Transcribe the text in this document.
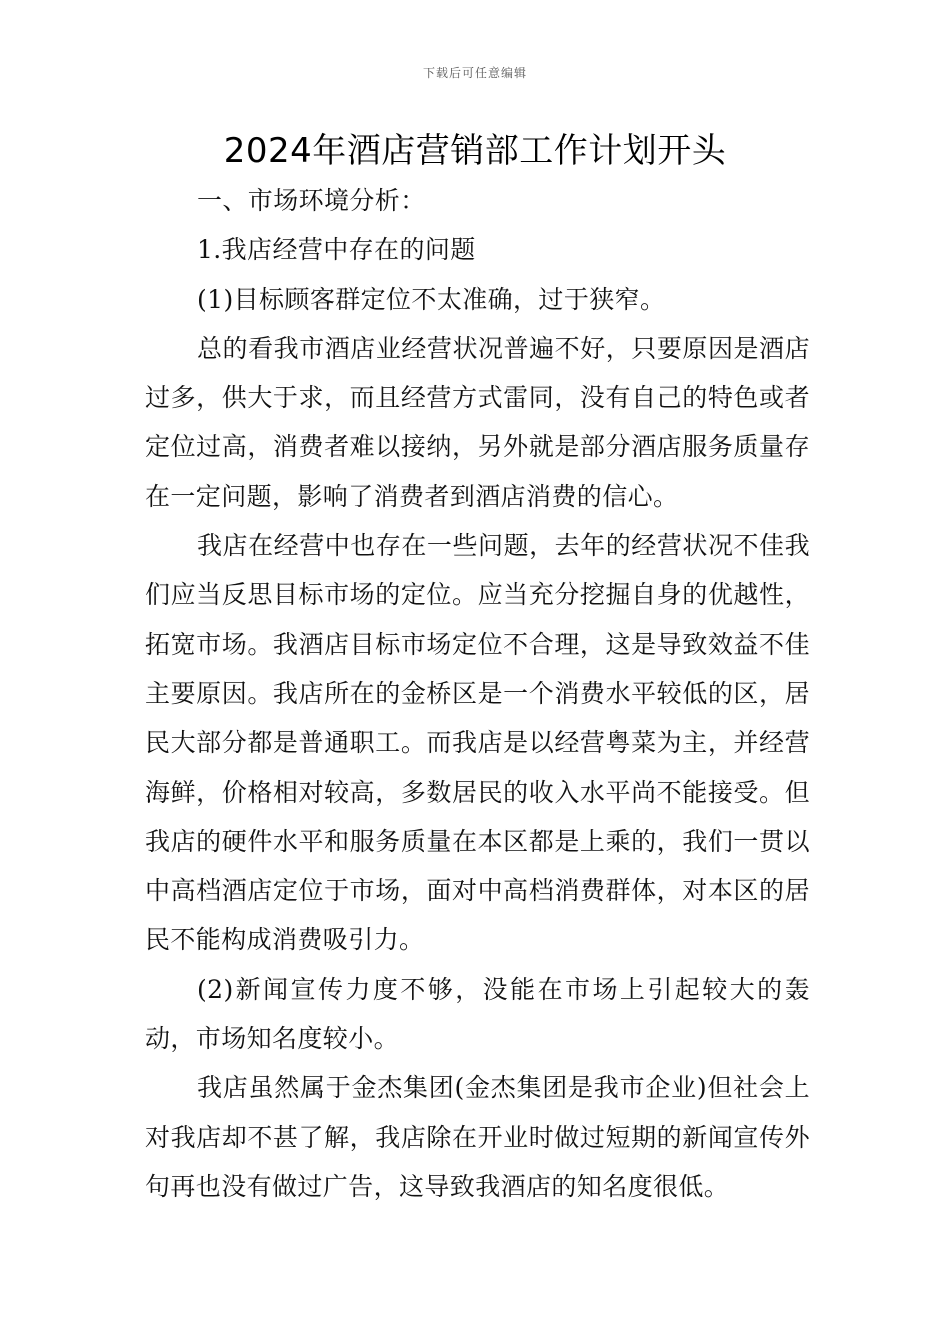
下载后可任意编辑
2024年酒店营销部工作计划开头

一、市场环境分析：

1.我店经营中存在的问题

(1)目标顾客群定位不太准确，过于狭窄。

总的看我市酒店业经营状况普遍不好，只要原因是酒店过多，供大于求，而且经营方式雷同，没有自己的特色或者定位过高，消费者难以接纳，另外就是部分酒店服务质量存在一定问题，影响了消费者到酒店消费的信心。

我店在经营中也存在一些问题，去年的经营状况不佳我们应当反思目标市场的定位。应当充分挖掘自身的优越性，拓宽市场。我酒店目标市场定位不合理，这是导致效益不佳主要原因。我店所在的金桥区是一个消费水平较低的区，居民大部分都是普通职工。而我店是以经营粤菜为主，并经营海鲜，价格相对较高，多数居民的收入水平尚不能接受。但我店的硬件水平和服务质量在本区都是上乘的，我们一贯以中高档酒店定位于市场，面对中高档消费群体，对本区的居民不能构成消费吸引力。

(2)新闻宣传力度不够，没能在市场上引起较大的轰动，市场知名度较小。

我店虽然属于金杰集团(金杰集团是我市企业)但社会上对我店却不甚了解，我店除在开业时做过短期的新闻宣传外句再也没有做过广告，这导致我酒店的知名度很低。
